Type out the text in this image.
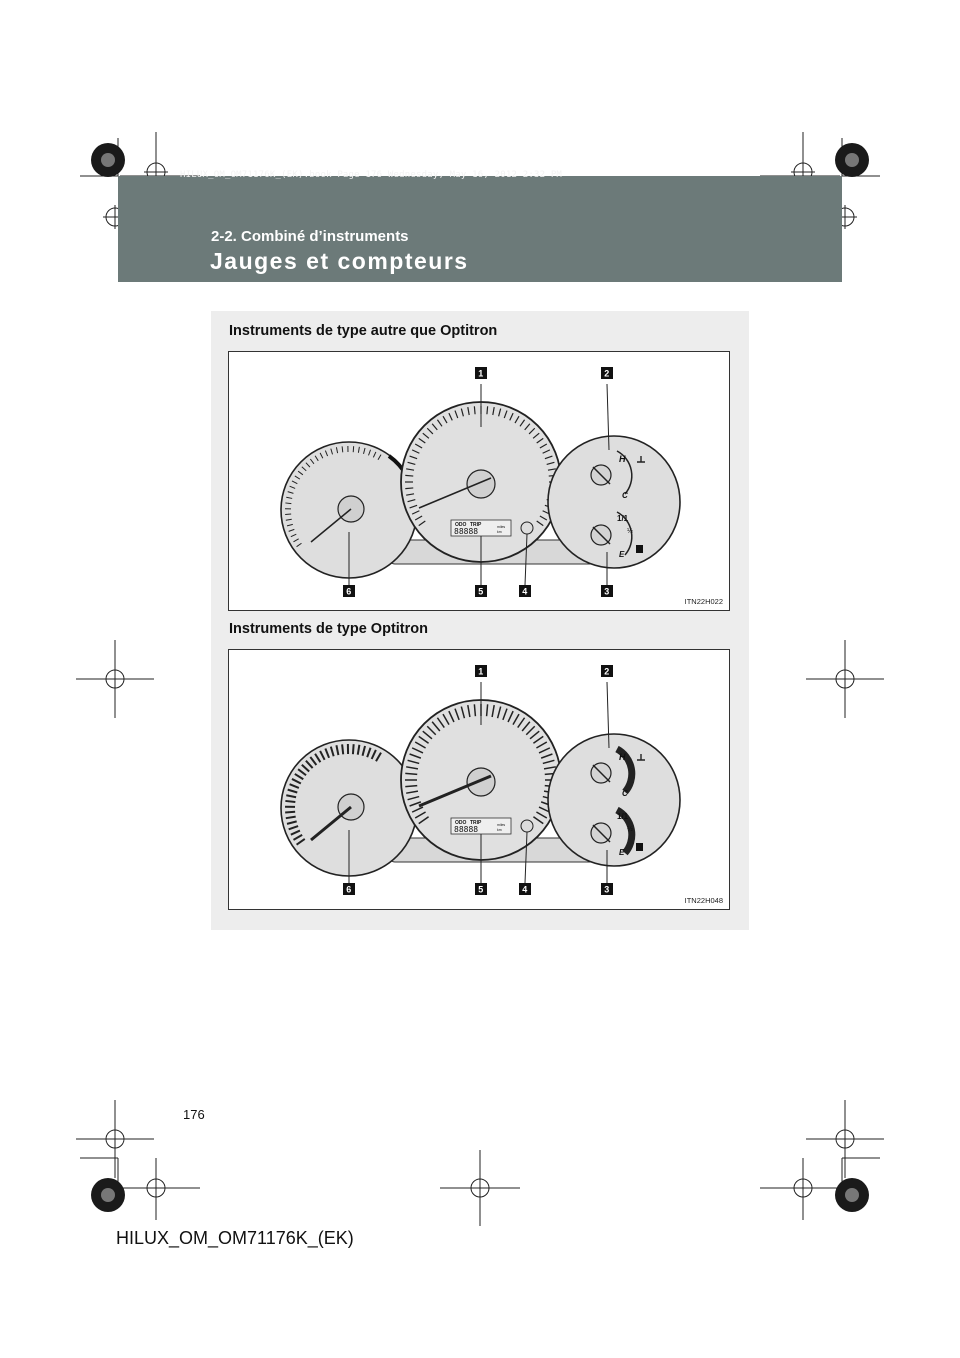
HILUX_OM_OM71176K_(EK).book Page 176 Wednesday, May 16, 2012 2:32 PM
2-2. Combiné d’instruments
Jauges et compteurs
Instruments de type autre que Optitron
ODO TRIP
88888	miles
km
H
C
1/1
½
E
1	2
3
4
5
6
ITN22H022
Instruments de type Optitron
ODO TRIP
88888	miles
km
H
C
1/1
½
E
1	2
3
4
5
6
ITN22H048
176
HILUX_OM_OM71176K_(EK)
